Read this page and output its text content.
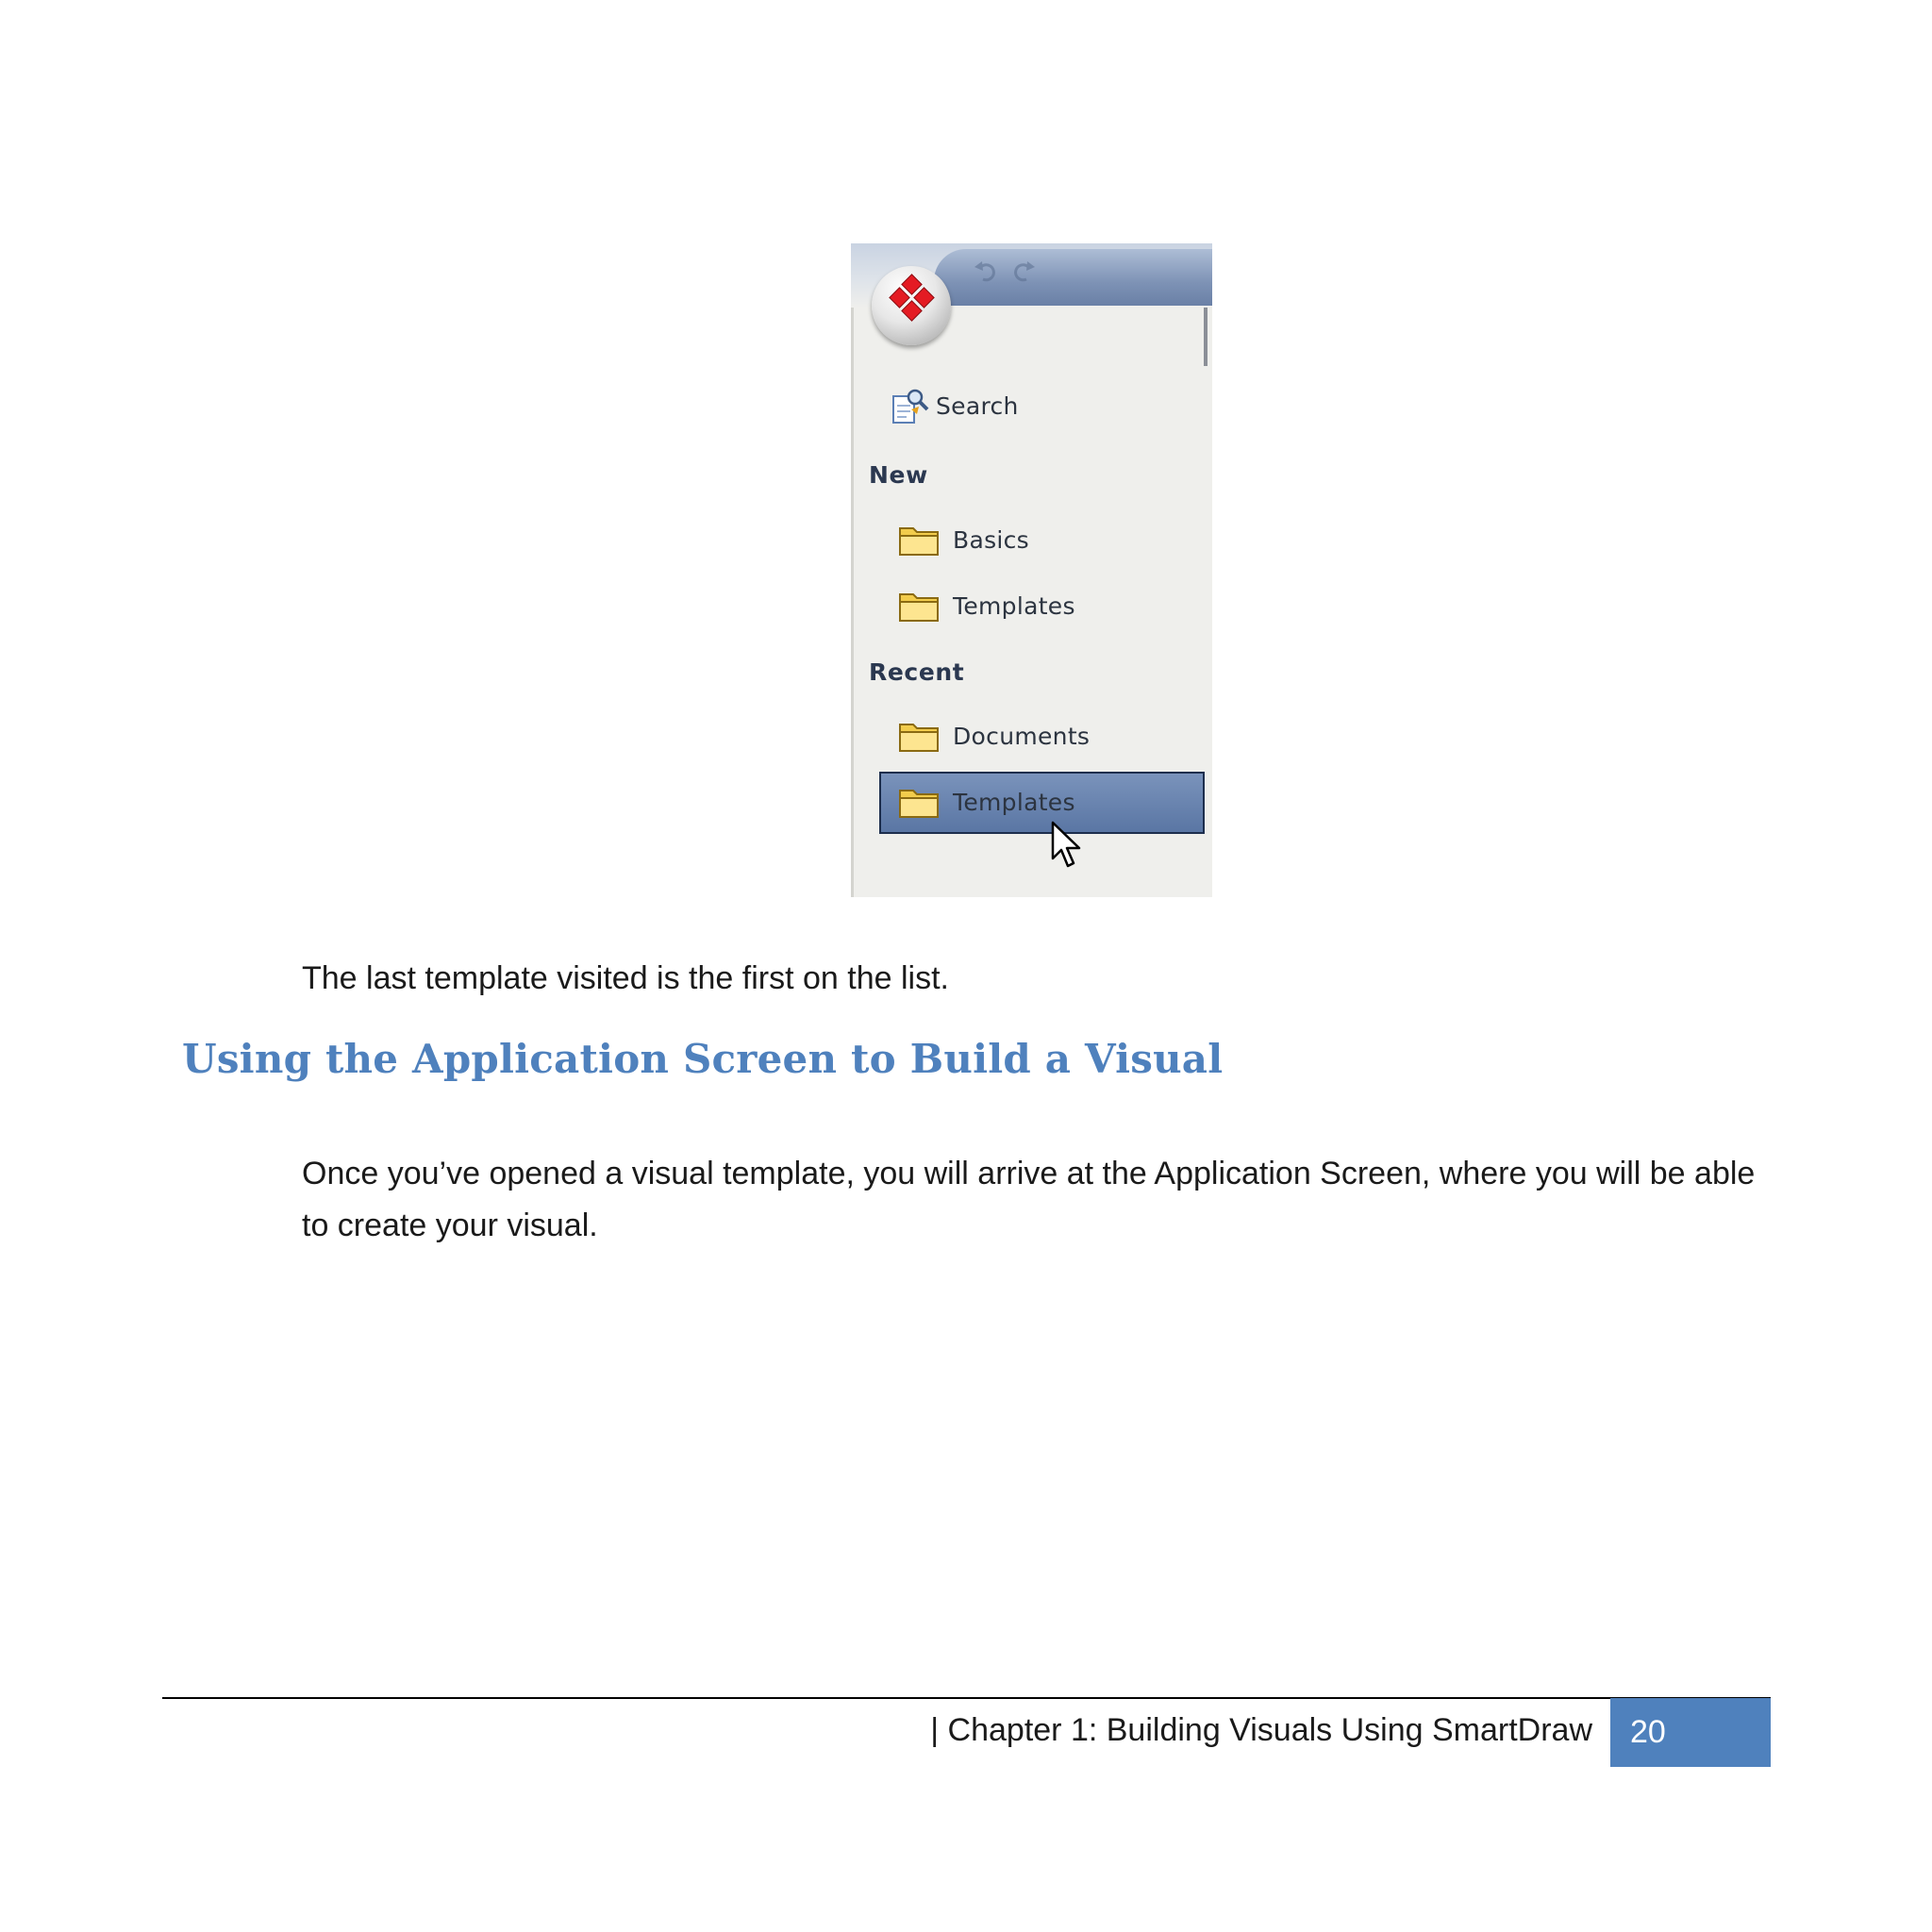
Search
New
Basics
Templates
Recent
Documents
Templates
The last template visited is the first on the list.
Using the Application Screen to Build a Visual
Once you’ve opened a visual template, you will arrive at the Application Screen, where you will be able to create your visual.
| Chapter 1: Building Visuals Using SmartDraw	20
